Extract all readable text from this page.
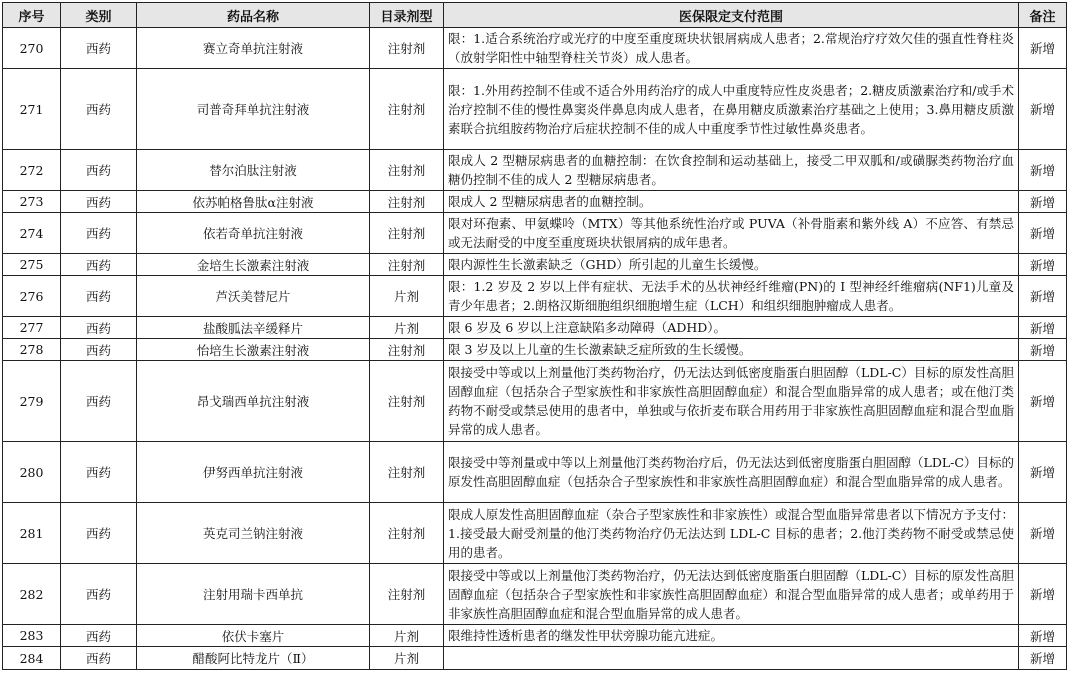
序号	类别	药品名称	目录剂型	医保限定支付范围	备注
270	西药	赛立奇单抗注射液	注射剂	限：1.适合系统治疗或光疗的中度至重度斑块状银屑病成人患者；2.常规治疗疗效欠佳的强直性脊柱炎（放射学阳性中轴型脊柱关节炎）成人患者。	新增
271	西药	司普奇拜单抗注射液	注射剂	限：1.外用药控制不佳或不适合外用药治疗的成人中重度特应性皮炎患者；2.糖皮质激素治疗和/或手术治疗控制不佳的慢性鼻窦炎伴鼻息肉成人患者，在鼻用糖皮质激素治疗基础之上使用；3.鼻用糖皮质激素联合抗组胺药物治疗后症状控制不佳的成人中重度季节性过敏性鼻炎患者。	新增
272	西药	替尔泊肽注射液	注射剂	限成人 2 型糖尿病患者的血糖控制：在饮食控制和运动基础上，接受二甲双胍和/或磺脲类药物治疗血糖仍控制不佳的成人 2 型糖尿病患者。	新增
273	西药	依苏帕格鲁肽α注射液	注射剂	限成人 2 型糖尿病患者的血糖控制。	新增
274	西药	依若奇单抗注射液	注射剂	限对环孢素、甲氨蝶呤（MTX）等其他系统性治疗或 PUVA（补骨脂素和紫外线 A）不应答、有禁忌或无法耐受的中度至重度斑块状银屑病的成年患者。	新增
275	西药	金培生长激素注射液	注射剂	限内源性生长激素缺乏（GHD）所引起的儿童生长缓慢。	新增
276	西药	芦沃美替尼片	片剂	限：1.2 岁及 2 岁以上伴有症状、无法手术的丛状神经纤维瘤(PN)的 I 型神经纤维瘤病(NF1)儿童及青少年患者；2.朗格汉斯细胞组织细胞增生症（LCH）和组织细胞肿瘤成人患者。	新增
277	西药	盐酸胍法辛缓释片	片剂	限 6 岁及 6 岁以上注意缺陷多动障碍（ADHD）。	新增
278	西药	怡培生长激素注射液	注射剂	限 3 岁及以上儿童的生长激素缺乏症所致的生长缓慢。	新增
279	西药	昂戈瑞西单抗注射液	注射剂	限接受中等或以上剂量他汀类药物治疗，仍无法达到低密度脂蛋白胆固醇（LDL-C）目标的原发性高胆固醇血症（包括杂合子型家族性和非家族性高胆固醇血症）和混合型血脂异常的成人患者；或在他汀类药物不耐受或禁忌使用的患者中，单独或与依折麦布联合用药用于非家族性高胆固醇血症和混合型血脂异常的成人患者。	新增
280	西药	伊努西单抗注射液	注射剂	限接受中等剂量或中等以上剂量他汀类药物治疗后，仍无法达到低密度脂蛋白胆固醇（LDL-C）目标的原发性高胆固醇血症（包括杂合子型家族性和非家族性高胆固醇血症）和混合型血脂异常的成人患者。	新增
281	西药	英克司兰钠注射液	注射剂	限成人原发性高胆固醇血症（杂合子型家族性和非家族性）或混合型血脂异常患者以下情况方予支付：1.接受最大耐受剂量的他汀类药物治疗仍无法达到 LDL-C 目标的患者；2.他汀类药物不耐受或禁忌使用的患者。	新增
282	西药	注射用瑞卡西单抗	注射剂	限接受中等或以上剂量他汀类药物治疗，仍无法达到低密度脂蛋白胆固醇（LDL-C）目标的原发性高胆固醇血症（包括杂合子型家族性和非家族性高胆固醇血症）和混合型血脂异常的成人患者；或单药用于非家族性高胆固醇血症和混合型血脂异常的成人患者。	新增
283	西药	依伏卡塞片	片剂	限维持性透析患者的继发性甲状旁腺功能亢进症。	新增
284	西药	醋酸阿比特龙片（Ⅱ）	片剂		新增
